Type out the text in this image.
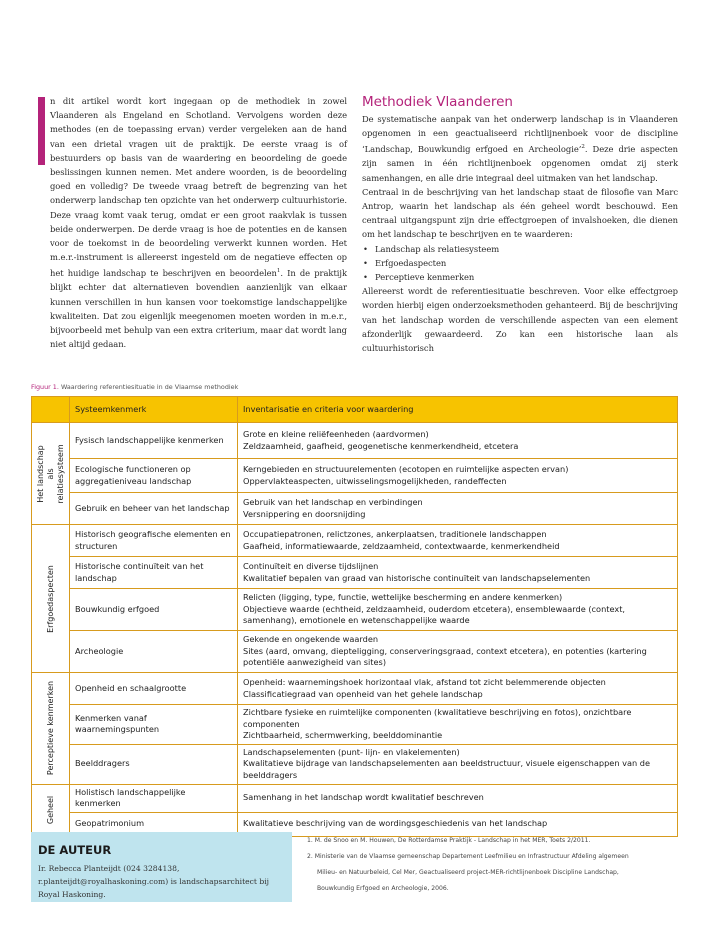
n dit artikel wordt kort ingegaan op de methodiek in zowel Vlaanderen als Engeland en Schotland. Vervolgens worden deze methodes (en de toepassing ervan) verder vergeleken aan de hand van een drietal vragen uit de praktijk. De eerste vraag is of bestuurders op basis van de waardering en beoordeling de goede beslissingen kunnen nemen. Met andere woorden, is de beoordeling goed en volledig? De tweede vraag betreft de begrenzing van het onderwerp landschap ten opzichte van het onderwerp cultuurhistorie. Deze vraag komt vaak terug, omdat er een groot raakvlak is tussen beide onderwerpen. De derde vraag is hoe de potenties en de kansen voor de toekomst in de beoordeling verwerkt kunnen worden. Het m.e.r.-instrument is allereerst ingesteld om de negatieve effecten op het huidige landschap te beschrijven en beoordelen$^1$. In de praktijk blijkt echter dat alternatieven bovendien aanzienlijk van elkaar kunnen verschillen in hun kansen voor toekomstige landschappelijke kwaliteiten. Dat zou eigenlijk meegenomen moeten worden in m.e.r., bijvoorbeeld met behulp van een extra criterium, maar dat wordt lang niet altijd gedaan.

Methodiek Vlaanderen

De systematische aanpak van het onderwerp landschap is in Vlaanderen opgenomen in een geactualiseerd richtlijnenboek voor de discipline ‘Landschap, Bouwkundig erfgoed en Archeologie’$^2$. Deze drie aspecten zijn samen in één richtlijnenboek opgenomen omdat zij sterk samenhangen, en alle drie integraal deel uitmaken van het landschap.

Centraal in de beschrijving van het landschap staat de filosofie van Marc Antrop, waarin het landschap als één geheel wordt beschouwd. Een centraal uitgangspunt zijn drie effectgroepen of invalshoeken, die dienen om het landschap te beschrijven en te waarderen:

• Landschap als relatiesysteem
• Erfgoedaspecten
• Perceptieve kenmerken

Allereerst wordt de referentiesituatie beschreven. Voor elke effectgroep worden hierbij eigen onderzoeksmethoden gehanteerd. Bij de beschrijving van het landschap worden de verschillende aspecten van een element afzonderlijk gewaardeerd. Zo kan een historische laan als cultuurhistorisch

Figuur 1. Waardering referentiesituatie in de Vlaamse methodiek
	Systeemkenmerk	Inventarisatie en criteria voor waardering

Het landschap als relatiesysteem	Fysisch landschappelijke kenmerken	Grote en kleine reliëfeenheden (aardvormen)
Zeldzaamheid, gaafheid, geogenetische kenmerkendheid, etcetera

	Ecologische functioneren op aggregatieniveau landschap	Kerngebieden en structuurelementen (ecotopen en ruimtelijke aspecten ervan)
Oppervlakteaspecten, uitwisselingsmogelijkheden, randeffecten

	Gebruik en beheer van het landschap	Gebruik van het landschap en verbindingen
Versnippering en doorsnijding

Erfgoedaspecten	Historisch geografische elementen en structuren	Occupatiepatronen, relictzones, ankerplaatsen, traditionele landschappen
Gaafheid, informatiewaarde, zeldzaamheid, contextwaarde, kenmerkendheid

	Historische continuïteit van het landschap	Continuïteit en diverse tijdslijnen
Kwalitatief bepalen van graad van historische continuïteit van landschapselementen

	Bouwkundig erfgoed	Relicten (ligging, type, functie, wettelijke bescherming en andere kenmerken)
Objectieve waarde (echtheid, zeldzaamheid, ouderdom etcetera), ensemblewaarde (context, samenhang), emotionele en wetenschappelijke waarde

	Archeologie	Gekende en ongekende waarden
Sites (aard, omvang, diepteligging, conserveringsgraad, context etcetera), en potenties (kartering potentiële aanwezigheid van sites)

Perceptieve kenmerken	Openheid en schaalgrootte	Openheid: waarnemingshoek horizontaal vlak, afstand tot zicht belemmerende objecten
Classificatiegraad van openheid van het gehele landschap

	Kenmerken vanaf waarnemingspunten	Zichtbare fysieke en ruimtelijke componenten (kwalitatieve beschrijving en fotos), onzichtbare componenten
Zichtbaarheid, schermwerking, beelddominantie

	Beelddragers	Landschapselementen (punt- lijn- en vlakelementen)
Kwalitatieve bijdrage van landschapselementen aan beeldstructuur, visuele eigenschappen van de beelddragers

Geheel	Holistisch landschappelijke kenmerken	Samenhang in het landschap wordt kwalitatief beschreven

	Geopatrimonium	Kwalitatieve beschrijving van de wordingsgeschiedenis van het landschap
DE AUTEUR
Ir. Rebecca Planteijdt (024 3284138, r.planteijdt@royalhaskoning.com) is landschapsarchitect bij Royal Haskoning.
1. M. de Snoo en M. Houwen, De Rotterdamse Praktijk - Landschap in het MER, Toets 2/2011.
2. Ministerie van de Vlaamse gemeenschap Departement Leefmilieu en Infrastructuur Afdeling algemeen
Milieu- en Natuurbeleid, Cel Mer, Geactualiseerd project-MER-richtlijnenboek Discipline Landschap,
Bouwkundig Erfgoed en Archeologie, 2006.
